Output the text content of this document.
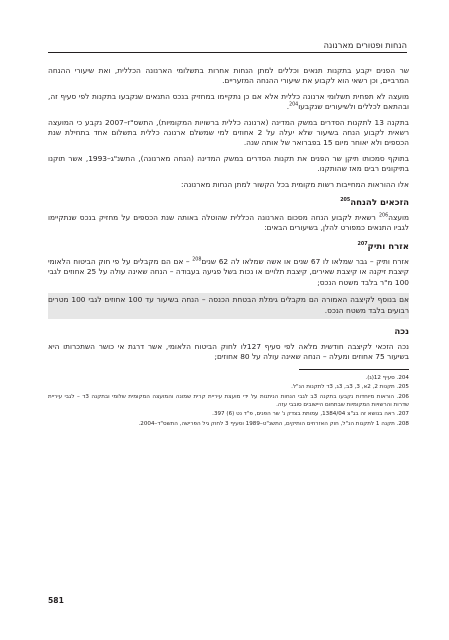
הנחות ופטורים מארנונה

שר הפנים יקבע בתקנות תנאים וכללים למתן הנחות אחרות בתשלומי הארנונה הכללית, ואת שיעורי ההנחה המרביים, וכן רשאי הוא לקבוע את שיעורי ההנחה המזעריים.

מועצה לא תפחית תשלומי ארנונה כללית אלא אם כן נתקיימו במחזיק בנכס התנאים שנקבעו בתקנות לפי סעיף זה, ובהתאם לכללים ולשיעורים שנקבעו$^{204}$.

בתקנה 13 לתקנות הסדרים במשק המדינה (ארנונה כללית ברשויות המקומיות), התשס"ז–2007 נקבע כי המועצה רשאית לקבוע הנחה בשיעור שלא יעלה על 2 אחוזים למי שמשלם ארנונה כללית בתשלום אחד בתחילת שנת הכספים ולא יאוחר מיום 15 בפברואר של אותה שנה.

בתוקף סמכותו תיקן שר הפנים את תקנות הסדרים במשק המדינה (הנחה מארנונה), התשנ"ג–1993, אשר תוקנו בתיקונים רבים מאז שהותקנו.

אלו ההוראות המחייבות רשות מקומית בכל הקשור למתן הנחות מארנונה:

הזכאים להנחה$^{205}$

מועצה$^{206}$ רשאית לקבוע הנחה מסכום הארנונה הכללית שהוטלה באותה שנת הכספים על מחזיק בנכס שנתקיימו לגביו התנאים כמפורט להלן, בשיעורים הבאים:

אזרח ותיק$^{207}$

אזרח ותיק – גבר שמלאו לו 67 שנים או אשה שמלאו לה 62 שנים$^{208}$ – אם הם מקבלים על פי חוק הביטוח הלאומי קיצבת זיקנה או קיצבת שאירים, קיצבת תלויים או נכות בשל פגיעה בעבודה – הנחה שאינה עולה על 25 אחוזים לגבי 100 מ"ר בלבד משטח הנכס;

אם בנוסף לקיצבה האמורה הם מקבלים גימלת הבטחת הכנסה – הנחה בשיעור עד 100 אחוזים לגבי 100 מטרים רבועים בלבד משטח הנכס.

נכה

נכה הזכאי לקיצבה חודשית מלאה לפי סעיף 127לו לחוק הביטוח הלאומי, אשר דרגת אי כושר השתכרותו היא בשיעור 75 אחוזים ומעלה – הנחה שאינה עולה על 80 אחוזים;

204. סעיף 12(ג).
205. תקנות 2, 2א, 3, 3ב, 3ג, 3ד לתקנות הנ"ל.
206. הוראות מיוחדות נקבעו בתקנה 3ב לגבי הנחות הניתנות על ידי מועצת עיריית קרית שמונה והמועצה המקומית שלומי ובתקנה 3ד – לגבי עיריית שדרות והרשויות המקומיות שבתחום היישובים סובבי עזה.
207. ראה בנושא זה בג"צ 1384/04, עמותת בצדק נ' שר הפנים, פ"ד נט (6) 397.
208. תקנה 1 לתקנות הנ"ל, חוק האזרחים הותיקים, התשנ"ט–1989 וסעיף 3 לחוק גיל הפרישה, התשס"ד–2004.
581
